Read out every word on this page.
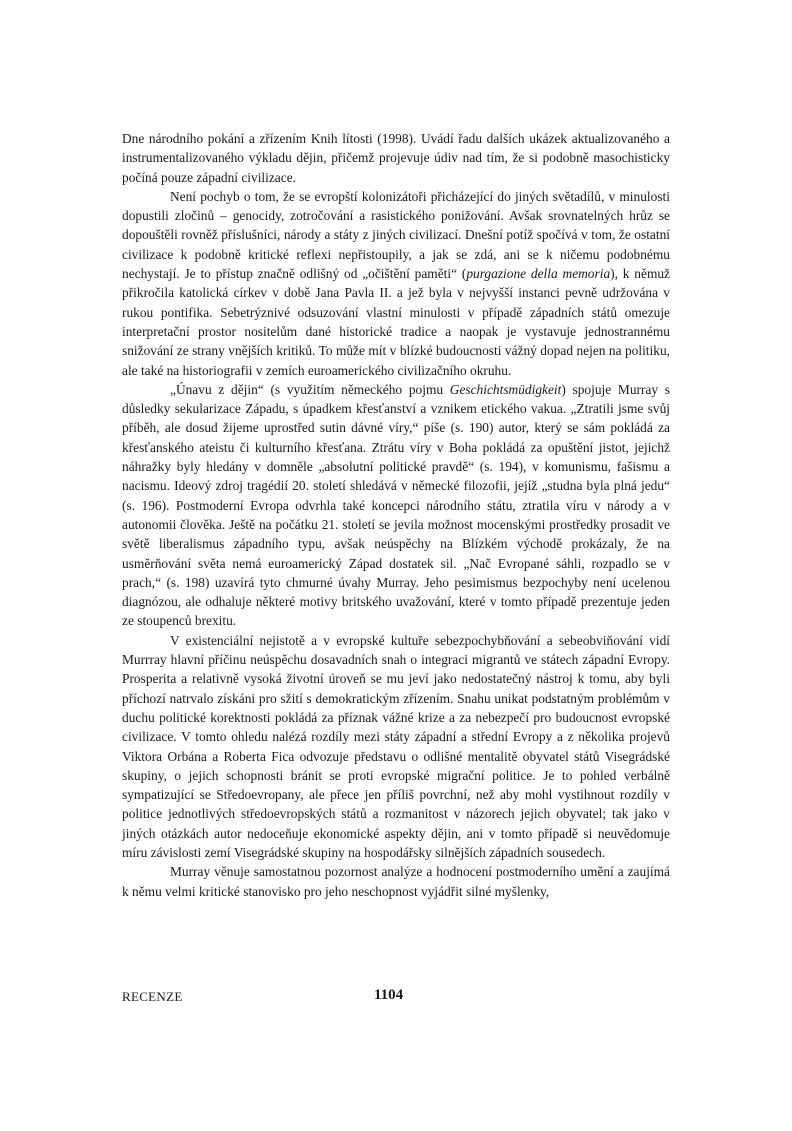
Dne národního pokání a zřízením Knih lítosti (1998). Uvádí řadu dalších ukázek aktualizovaného a instrumentalizovaného výkladu dějin, přičemž projevuje údiv nad tím, že si podobně masochisticky počíná pouze západní civilizace.

Není pochyb o tom, že se evropští kolonizátoři přicházející do jiných světadílů, v minulosti dopustili zločinů – genocidy, zotročování a rasistického ponižování. Avšak srovnatelných hrůz se dopouštěli rovněž příslušníci, národy a státy z jiných civilizací. Dnešní potíž spočívá v tom, že ostatní civilizace k podobně kritické reflexi nepřistoupily, a jak se zdá, ani se k ničemu podobnému nechystají. Je to přístup značně odlišný od „očištění paměti“ (purgazione della memoria), k němuž přikročila katolická církev v době Jana Pavla II. a jež byla v nejvyšší instanci pevně udržována v rukou pontifika. Sebetrýznivé odsuzování vlastní minulosti v případě západních států omezuje interpretační prostor nositelům dané historické tradice a naopak je vystavuje jednostrannému snižování ze strany vnějších kritiků. To může mít v blízké budoucnosti vážný dopad nejen na politiku, ale také na historiografii v zemích euroamerického civilizačního okruhu.

„Únavu z dějin“ (s využitím německého pojmu Geschichtsmüdigkeit) spojuje Murray s důsledky sekularizace Západu, s úpadkem křesťanství a vznikem etického vakua. „Ztratili jsme svůj příběh, ale dosud žijeme uprostřed sutin dávné víry,“ píše (s. 190) autor, který se sám pokládá za křesťanského ateistu či kulturního křesťana. Ztrátu víry v Boha pokládá za opuštění jistot, jejichž náhražky byly hledány v domněle „absolutní politické pravdě“ (s. 194), v komunismu, fašismu a nacismu. Ideový zdroj tragédií 20. století shledává v německé filozofii, jejíž „studna byla plná jedu“ (s. 196). Postmoderní Evropa odvrhla také koncepci národního státu, ztratila víru v národy a v autonomii člověka. Ještě na počátku 21. století se jevila možnost mocenskými prostředky prosadit ve světě liberalismus západního typu, avšak neúspěchy na Blízkém východě prokázaly, že na usměrňování světa nemá euroamerický Západ dostatek sil. „Nač Evropané sáhli, rozpadlo se v prach,“ (s. 198) uzavírá tyto chmurné úvahy Murray. Jeho pesimismus bezpochyby není ucelenou diagnózou, ale odhaluje některé motivy britského uvažování, které v tomto případě prezentuje jeden ze stoupenců brexitu.

V existenciální nejistotě a v evropské kultuře sebezpochybňování a sebeobviňování vidí Murrray hlavní příčinu neúspěchu dosavadních snah o integraci migrantů ve státech západní Evropy. Prosperita a relativně vysoká životní úroveň se mu jeví jako nedostatečný nástroj k tomu, aby byli příchozí natrvalo získáni pro sžití s demokratickým zřízením. Snahu unikat podstatným problémům v duchu politické korektnosti pokládá za příznak vážné krize a za nebezpečí pro budoucnost evropské civilizace. V tomto ohledu nalézá rozdíly mezi státy západní a střední Evropy a z několika projevů Viktora Orbána a Roberta Fica odvozuje představu o odlišné mentalitě obyvatel států Visegrádské skupiny, o jejich schopnosti bránit se proti evropské migrační politice. Je to pohled verbálně sympatizující se Středoevropany, ale přece jen příliš povrchní, než aby mohl vystihnout rozdíly v politice jednotlivých středoevropských států a rozmanitost v názorech jejich obyvatel; tak jako v jiných otázkách autor nedoceňuje ekonomické aspekty dějin, ani v tomto případě si neuvědomuje míru závislosti zemí Visegrádské skupiny na hospodářsky silnějších západních sousedech.

Murray věnuje samostatnou pozornost analýze a hodnocení postmoderního umění a zaujímá k němu velmi kritické stanovisko pro jeho neschopnost vyjádřit silné myšlenky,

RECENZE	1104
